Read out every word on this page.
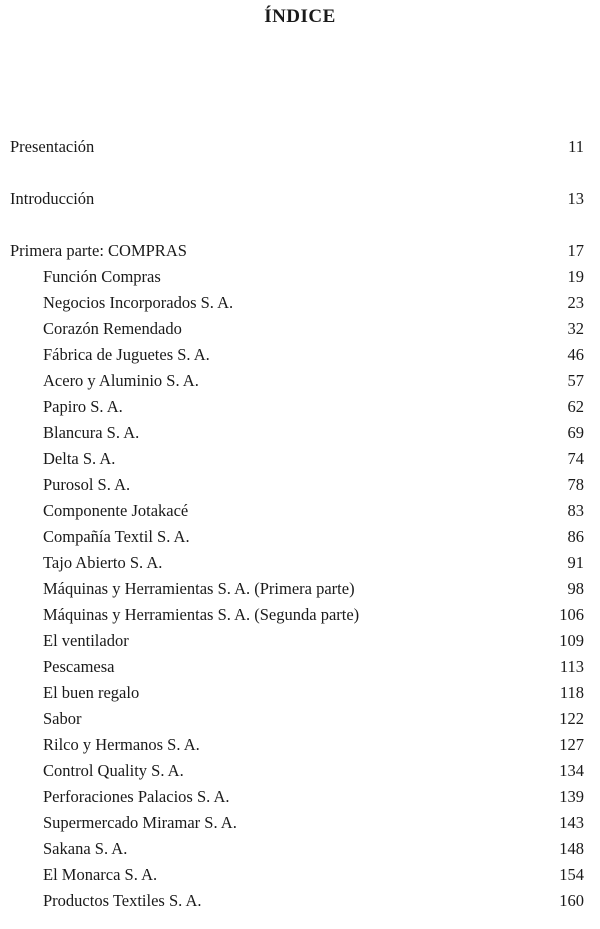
ÍNDICE
Presentación	11
Introducción	13
Primera parte: COMPRAS	17
Función Compras	19
Negocios Incorporados S. A.	23
Corazón Remendado	32
Fábrica de Juguetes S. A.	46
Acero y Aluminio S. A.	57
Papiro S. A.	62
Blancura S. A.	69
Delta S. A.	74
Purosol S. A.	78
Componente Jotakacé	83
Compañía Textil S. A.	86
Tajo Abierto S. A.	91
Máquinas y Herramientas S. A. (Primera parte)	98
Máquinas y Herramientas S. A. (Segunda parte)	106
El ventilador	109
Pescamesa	113
El buen regalo	118
Sabor	122
Rilco y Hermanos S. A.	127
Control Quality S. A.	134
Perforaciones Palacios S. A.	139
Supermercado Miramar S. A.	143
Sakana S. A.	148
El Monarca S. A.	154
Productos Textiles S. A.	160
